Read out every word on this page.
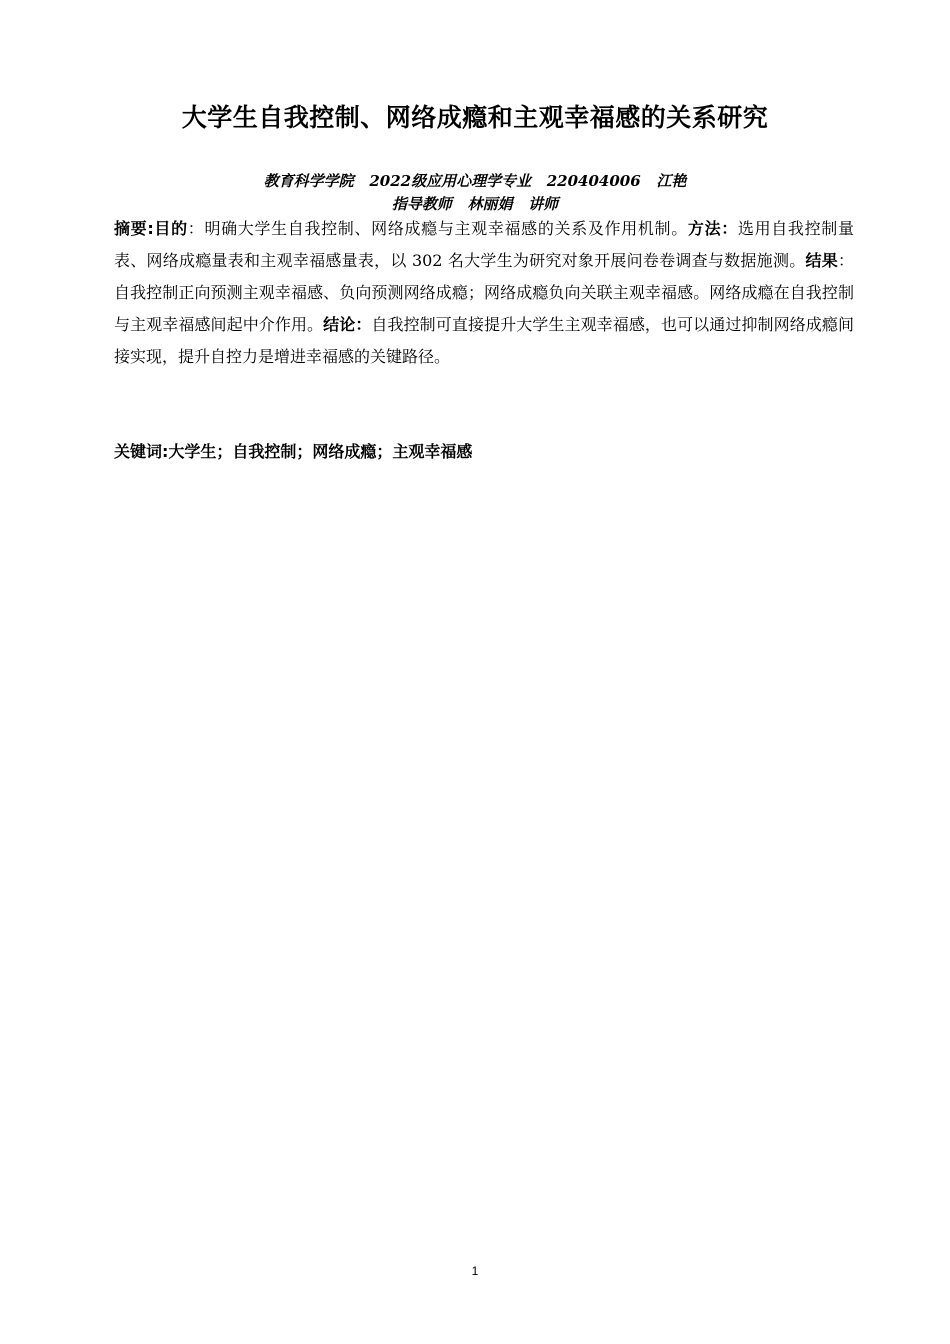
大学生自我控制、网络成瘾和主观幸福感的关系研究
教育科学学院   2022级应用心理学专业   220404006   江艳
指导教师   林丽娟   讲师

摘要:目的：明确大学生自我控制、网络成瘾与主观幸福感的关系及作用机制。方法：选用自我控制量表、网络成瘾量表和主观幸福感量表，以 302 名大学生为研究对象开展问卷卷调查与数据施测。结果：自我控制正向预测主观幸福感、负向预测网络成瘾；网络成瘾负向关联主观幸福感。网络成瘾在自我控制与主观幸福感间起中介作用。结论：自我控制可直接提升大学生主观幸福感，也可以通过抑制网络成瘾间接实现，提升自控力是增进幸福感的关键路径。

关键词:大学生；自我控制；网络成瘾；主观幸福感

1
